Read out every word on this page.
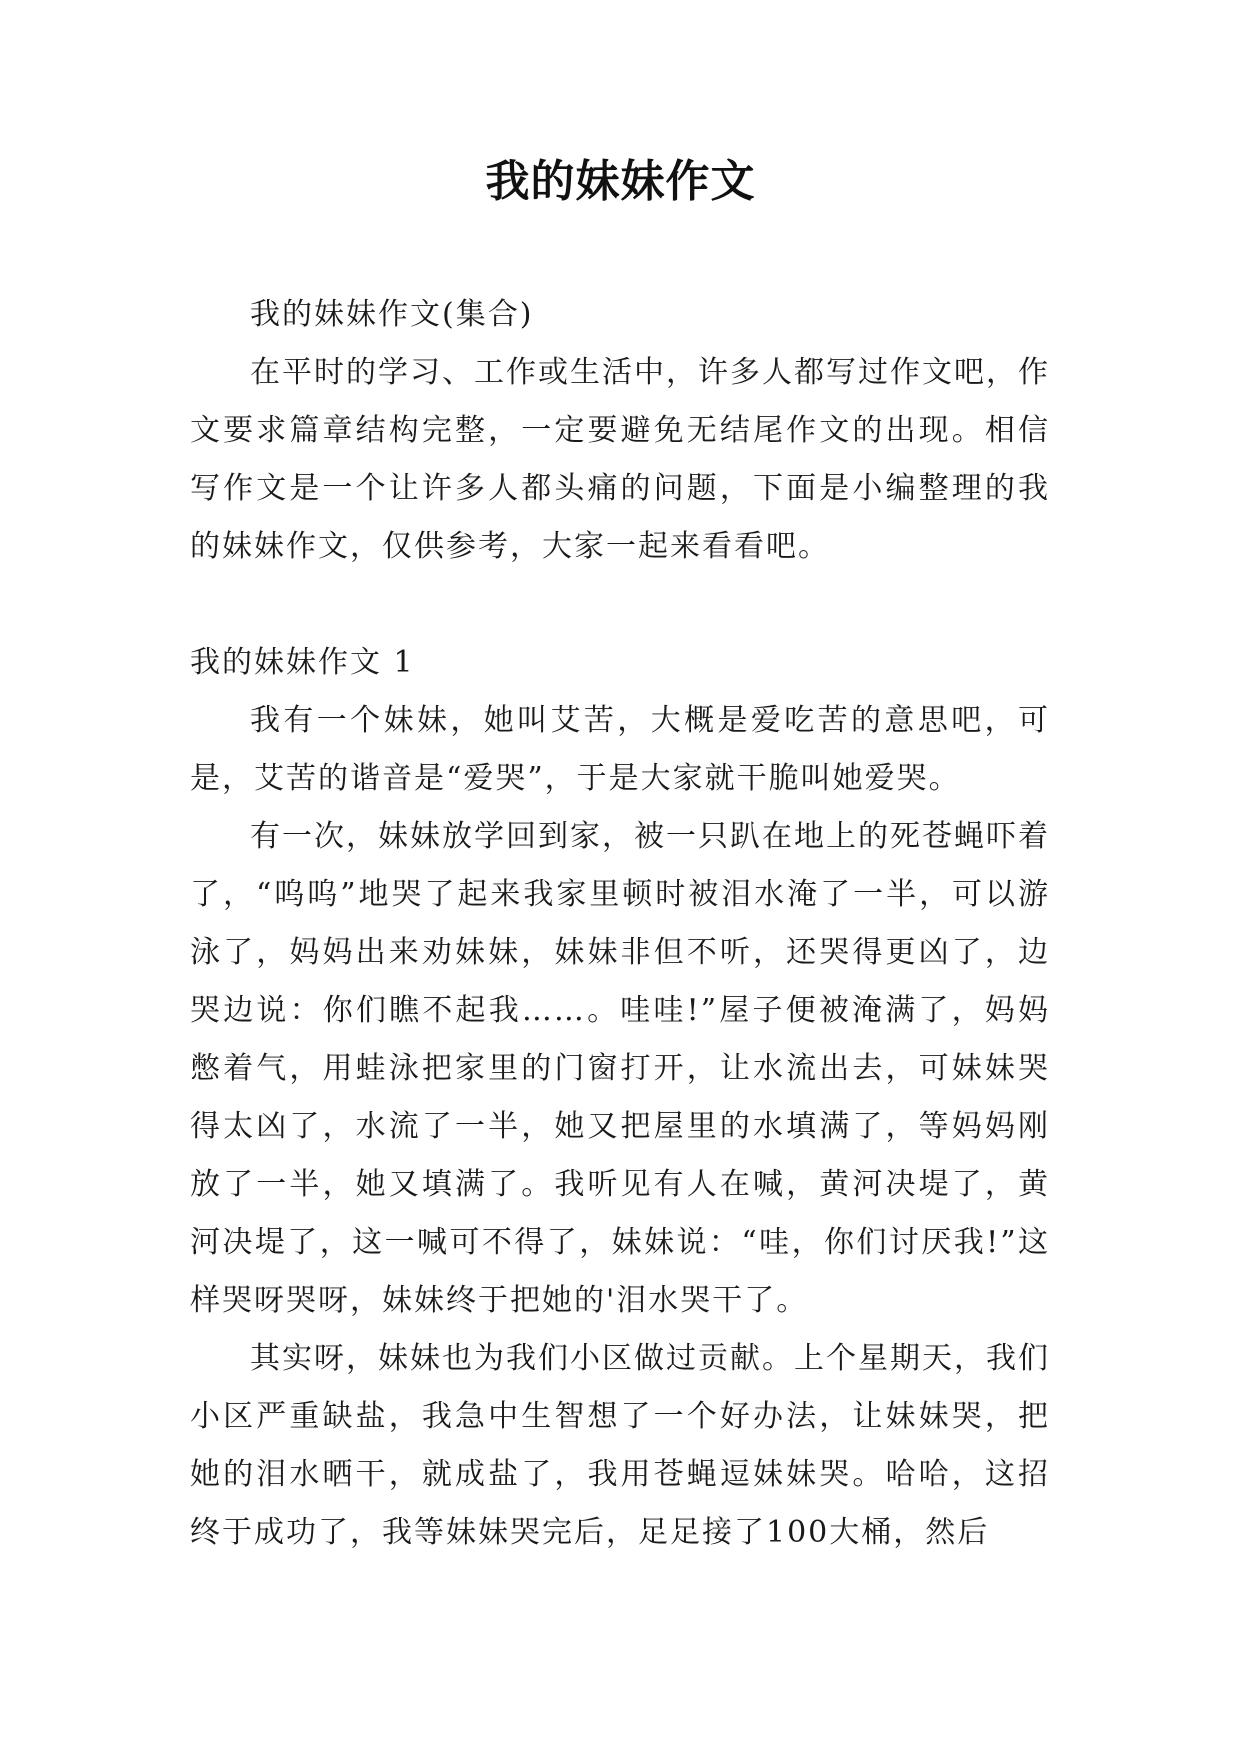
我的妹妹作文

我的妹妹作文(集合)

在平时的学习、工作或生活中，许多人都写过作文吧，作文要求篇章结构完整，一定要避免无结尾作文的出现。相信写作文是一个让许多人都头痛的问题，下面是小编整理的我的妹妹作文，仅供参考，大家一起来看看吧。

我的妹妹作文 1

我有一个妹妹，她叫艾苦，大概是爱吃苦的意思吧，可是，艾苦的谐音是“爱哭”，于是大家就干脆叫她爱哭。

有一次，妹妹放学回到家，被一只趴在地上的死苍蝇吓着了，“呜呜”地哭了起来我家里顿时被泪水淹了一半，可以游泳了，妈妈出来劝妹妹，妹妹非但不听，还哭得更凶了，边哭边说：你们瞧不起我……。哇哇!”屋子便被淹满了，妈妈憋着气，用蛙泳把家里的门窗打开，让水流出去，可妹妹哭得太凶了，水流了一半，她又把屋里的水填满了，等妈妈刚放了一半，她又填满了。我听见有人在喊，黄河决堤了，黄河决堤了，这一喊可不得了，妹妹说：“哇，你们讨厌我!”这样哭呀哭呀，妹妹终于把她的'泪水哭干了。

其实呀，妹妹也为我们小区做过贡献。上个星期天，我们小区严重缺盐，我急中生智想了一个好办法，让妹妹哭，把她的泪水晒干，就成盐了，我用苍蝇逗妹妹哭。哈哈，这招终于成功了，我等妹妹哭完后，足足接了100大桶，然后
